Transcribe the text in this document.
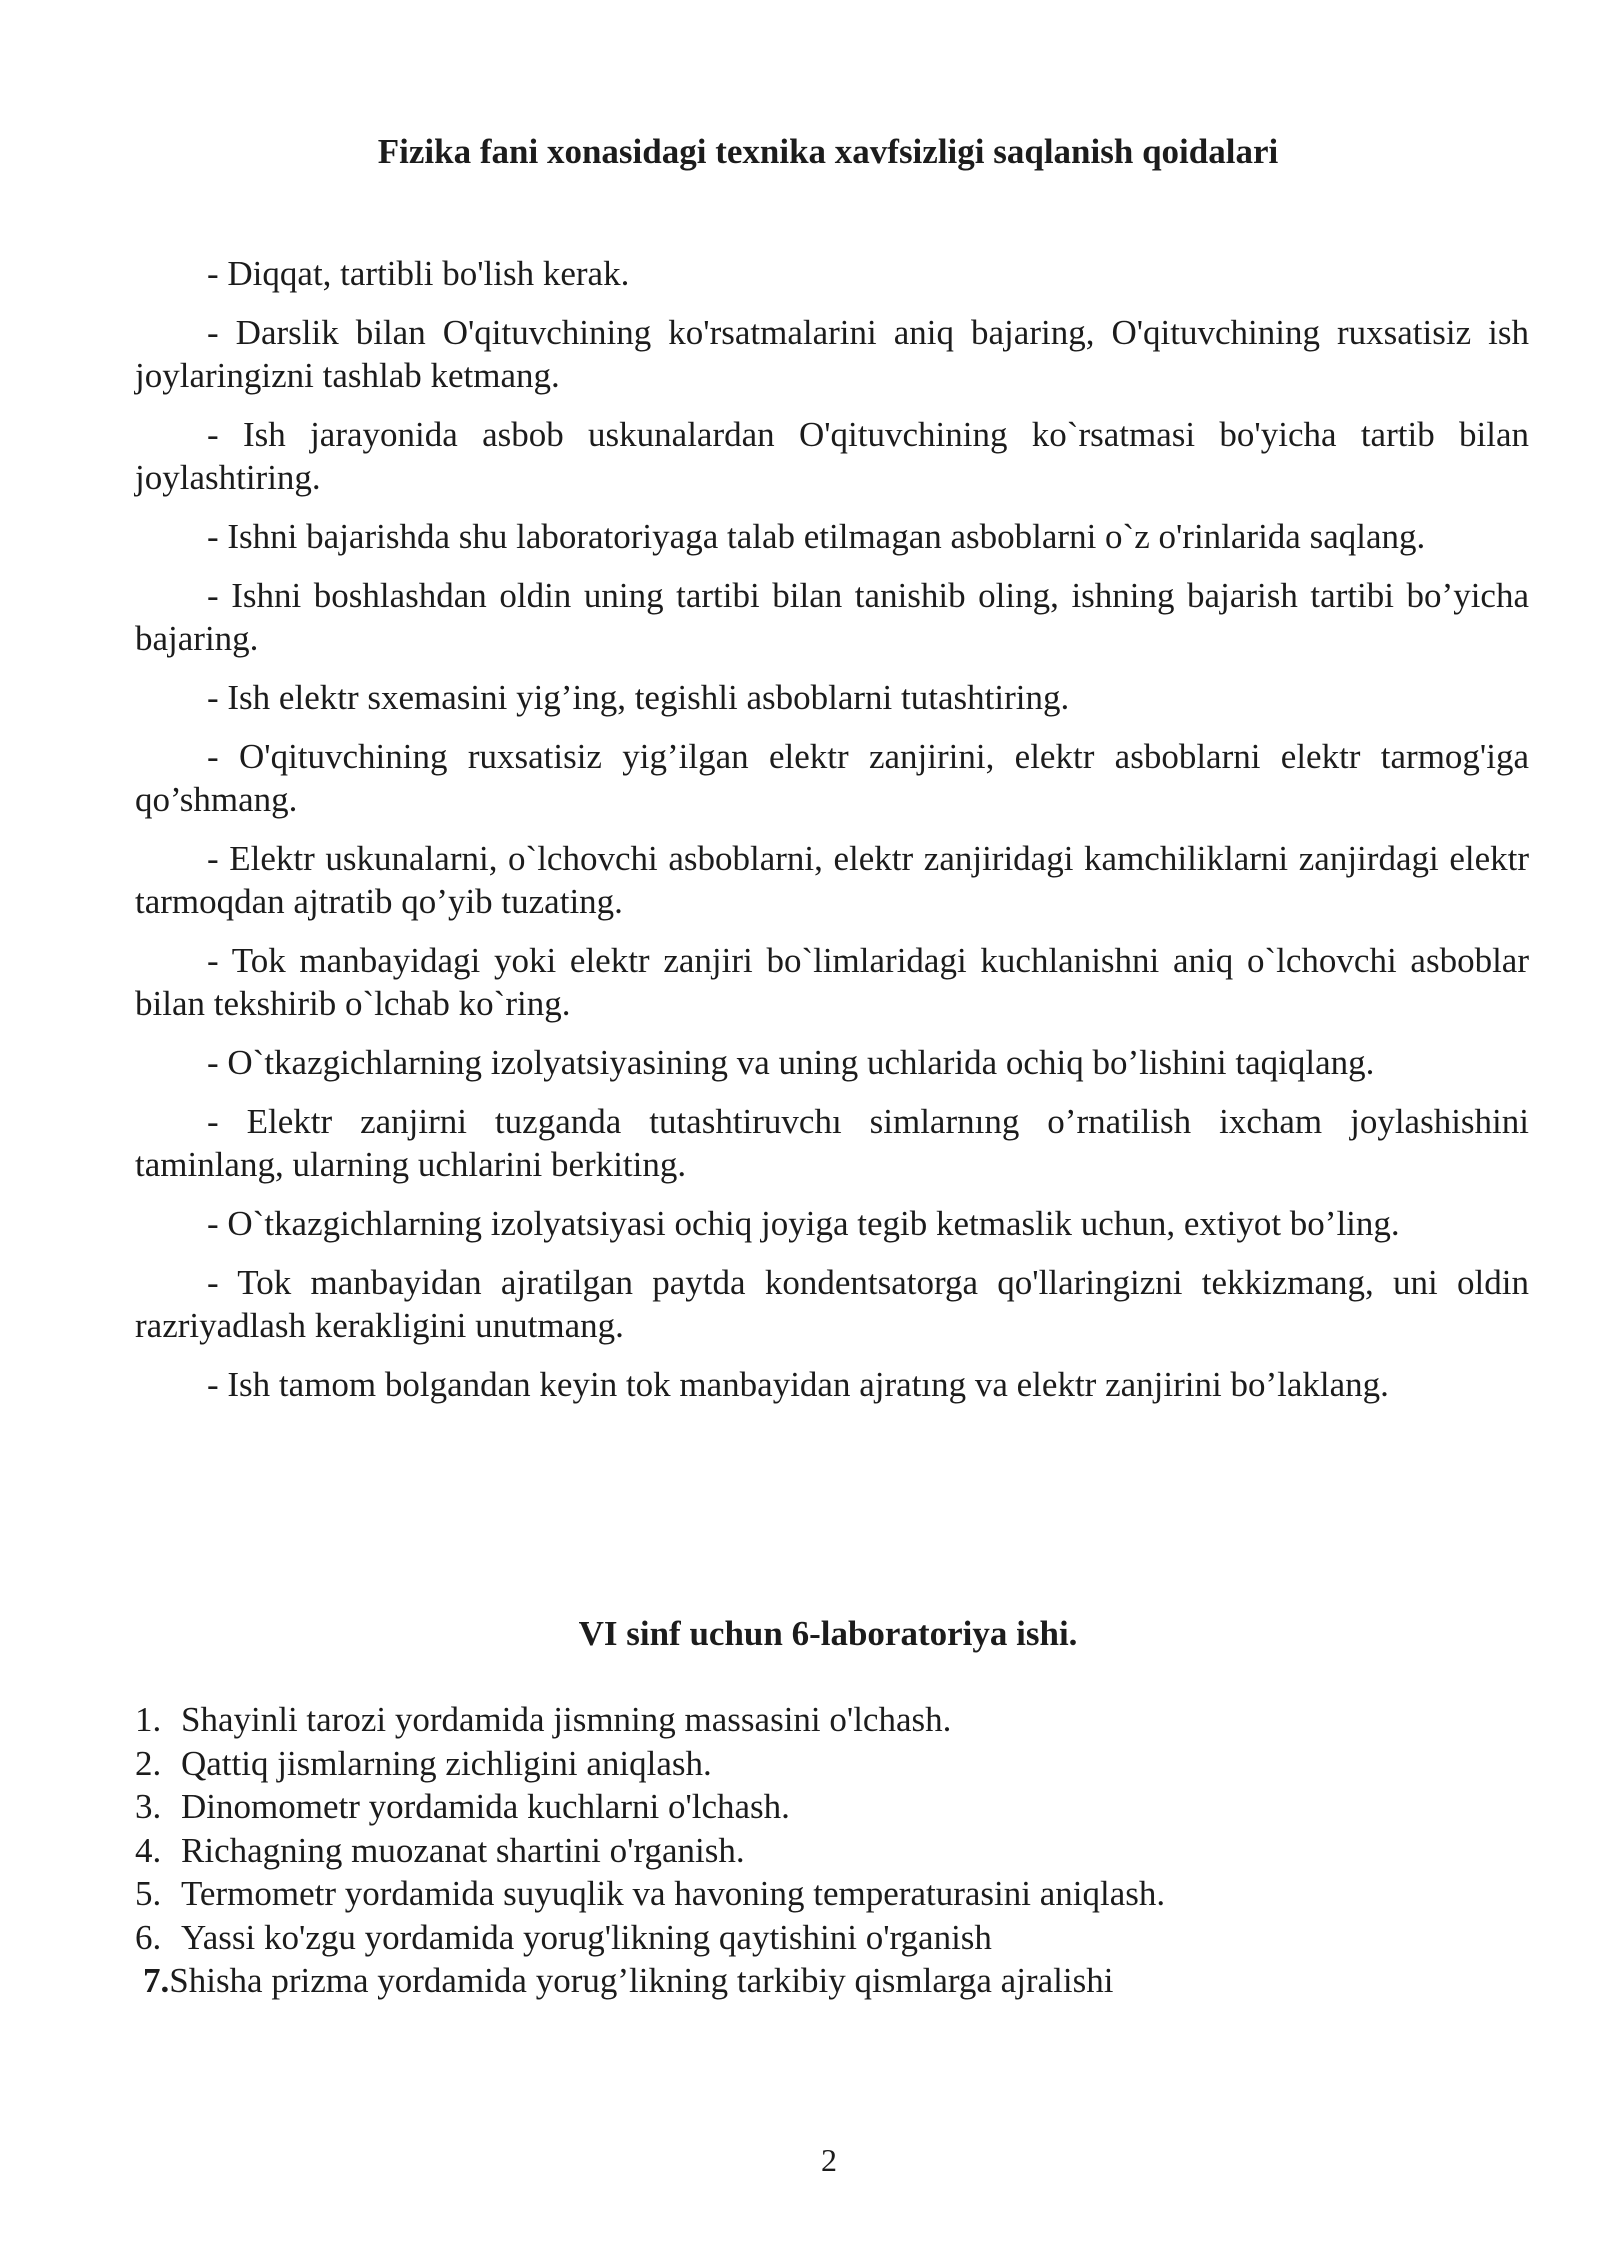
Fizika fani xonasidagi texnika xavfsizligi saqlanish qoidalari

- Diqqat, tartibli bo'lish kerak.

- Darslik bilan O'qituvchining ko'rsatmalarini aniq bajaring, O'qituvchining ruxsatisiz ish joylaringizni tashlab ketmang.

- Ish jarayonida asbob uskunalardan O'qituvchining ko`rsatmasi bo'yicha tartib bilan joylashtiring.

- Ishni bajarishda shu laboratoriyaga talab etilmagan asboblarni o`z o'rinlarida saqlang.

- Ishni boshlashdan oldin uning tartibi bilan tanishib oling, ishning bajarish tartibi bo’yicha bajaring.

- Ish elektr sxemasini yig’ing, tegishli asboblarni tutashtiring.

- O'qituvchining ruxsatisiz yig’ilgan elektr zanjirini, elektr asboblarni elektr tarmog'iga qo’shmang.

- Elektr uskunalarni, o`lchovchi asboblarni, elektr zanjiridagi kamchiliklarni zanjirdagi elektr tarmoqdan ajtratib qo’yib tuzating.

- Tok manbayidagi yoki elektr zanjiri bo`limlaridagi kuchlanishni aniq o`lchovchi asboblar bilan tekshirib o`lchab ko`ring.

- O`tkazgichlarning izolyatsiyasining va uning uchlarida ochiq bo’lishini taqiqlang.

- Elektr zanjirni tuzganda tutashtiruvchı simlarnıng o’rnatilish ixcham joylashishini taminlang, ularning uchlarini berkiting.

- O`tkazgichlarning izolyatsiyasi ochiq joyiga tegib ketmaslik uchun, extiyot bo’ling.

- Tok manbayidan ajratilgan paytda kondentsatorga qo'llaringizni tekkizmang, uni oldin razriyadlash kerakligini unutmang.

- Ish tamom bolgandan keyin tok manbayidan ajratıng va elektr zanjirini bo’laklang.

VI sinf uchun 6-laboratoriya ishi.
1. Shayinli tarozi yordamida jismning massasini o'lchash.
2. Qattiq jismlarning zichligini aniqlash.
3. Dinomometr yordamida kuchlarni o'lchash.
4. Richagning muozanat shartini o'rganish.
5. Termometr yordamida suyuqlik va havoning temperaturasini aniqlash.
6. Yassi ko'zgu yordamida yorug'likning qaytishini o'rganish
7. Shisha prizma yordamida yorug’likning tarkibiy qismlarga ajralishi
2
